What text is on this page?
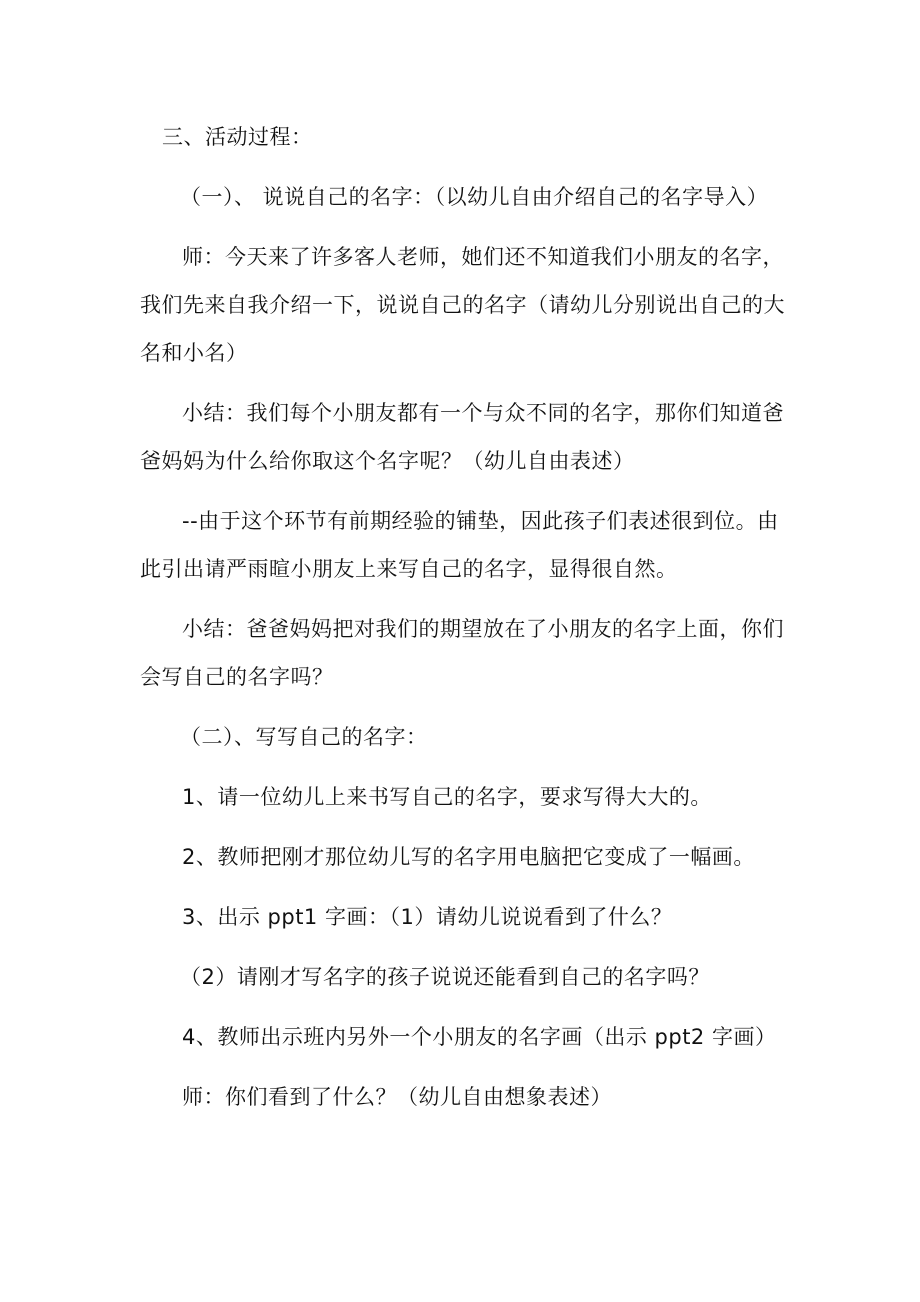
三、活动过程：

（一）、 说说自己的名字：（以幼儿自由介绍自己的名字导入）

师：今天来了许多客人老师，她们还不知道我们小朋友的名字，

我们先来自我介绍一下，说说自己的名字（请幼儿分别说出自己的大

名和小名）

小结：我们每个小朋友都有一个与众不同的名字，那你们知道爸

爸妈妈为什么给你取这个名字呢？（幼儿自由表述）

--由于这个环节有前期经验的铺垫，因此孩子们表述很到位。由

此引出请严雨暄小朋友上来写自己的名字，显得很自然。

小结：爸爸妈妈把对我们的期望放在了小朋友的名字上面，你们

会写自己的名字吗？

（二）、写写自己的名字：

1、请一位幼儿上来书写自己的名字，要求写得大大的。

2、教师把刚才那位幼儿写的名字用电脑把它变成了一幅画。

3、出示 ppt1 字画：（1）请幼儿说说看到了什么？

（2）请刚才写名字的孩子说说还能看到自己的名字吗？

4、教师出示班内另外一个小朋友的名字画（出示 ppt2 字画）

师：你们看到了什么？（幼儿自由想象表述）
